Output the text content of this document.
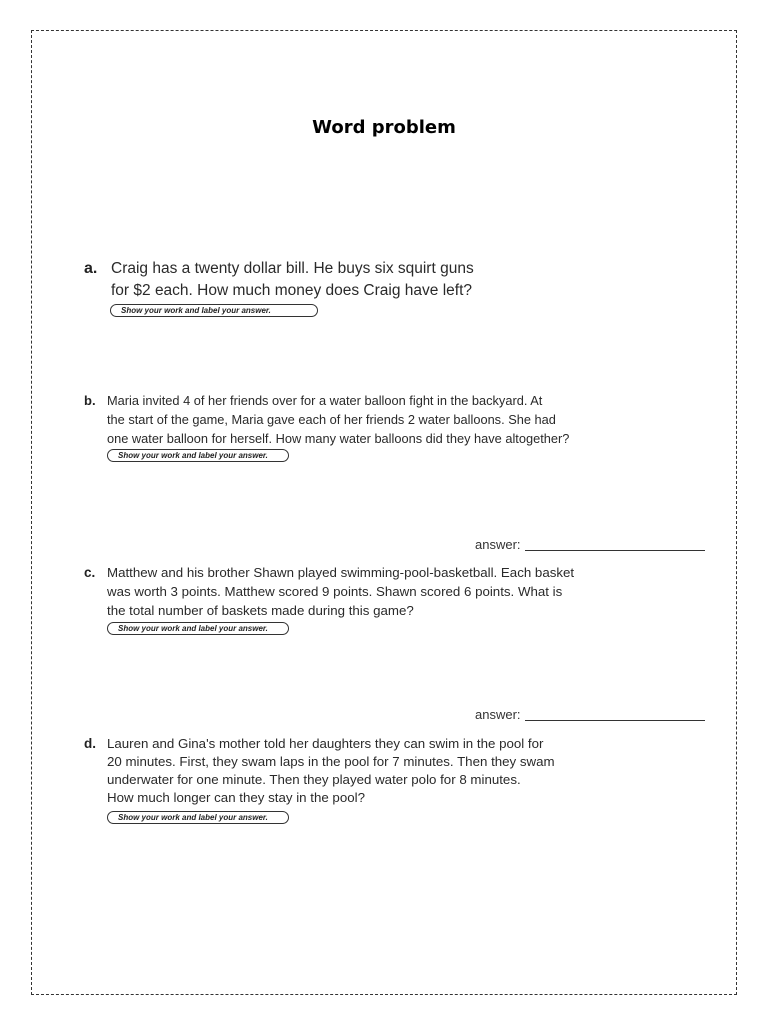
Word problem
a. Craig has a twenty dollar bill. He buys six squirt guns
for $2 each. How much money does Craig have left?

Show your work and label your answer.
b. Maria invited 4 of her friends over for a water balloon fight in the backyard. At
the start of the game, Maria gave each of her friends 2 water balloons. She had
one water balloon for herself. How many water balloons did they have altogether?

Show your work and label your answer.
answer:
c. Matthew and his brother Shawn played swimming-pool-basketball. Each basket
was worth 3 points. Matthew scored 9 points. Shawn scored 6 points. What is
the total number of baskets made during this game?

Show your work and label your answer.
answer:
d. Lauren and Gina's mother told her daughters they can swim in the pool for
20 minutes. First, they swam laps in the pool for 7 minutes. Then they swam
underwater for one minute. Then they played water polo for 8 minutes.
How much longer can they stay in the pool?

Show your work and label your answer.
